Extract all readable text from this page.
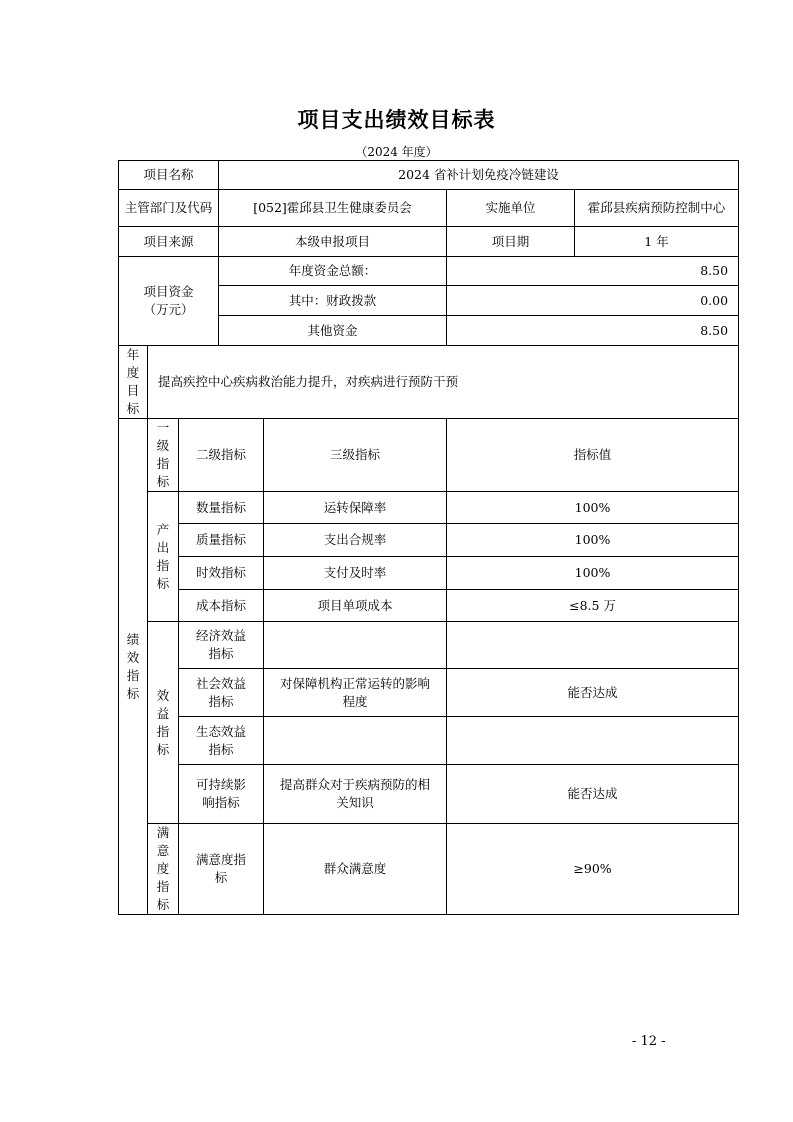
项目支出绩效目标表
（2024 年度）
项目名称			2024 省补计划免疫冷链建设			
主管部门及代码			[052]霍邱县卫生健康委员会		实施单位	霍邱县疾病预防控制中心
项目来源			本级申报项目		项目期	1 年
项目资金（万元）			年度资金总额：		8.50	
			其中：财政拨款		0.00	
			其他资金		8.50	

年度目标	提高疾控中心疾病救治能力提升，对疾病进行预防干预					

绩效指标	一级指标	二级指标		三级指标	指标值	

	产出指标	数量指标		运转保障率	100%	
		质量指标		支出合规率	100%	
		时效指标		支付及时率	100%	
		成本指标		项目单项成本	≤8.5 万	

	效益指标	经济效益指标				
		社会效益指标		对保障机构正常运转的影响程度	能否达成	
		生态效益指标				
		可持续影响指标		提高群众对于疾病预防的相关知识	能否达成	

	满意度指标	满意度指标		群众满意度	≥90%	
- 12 -
